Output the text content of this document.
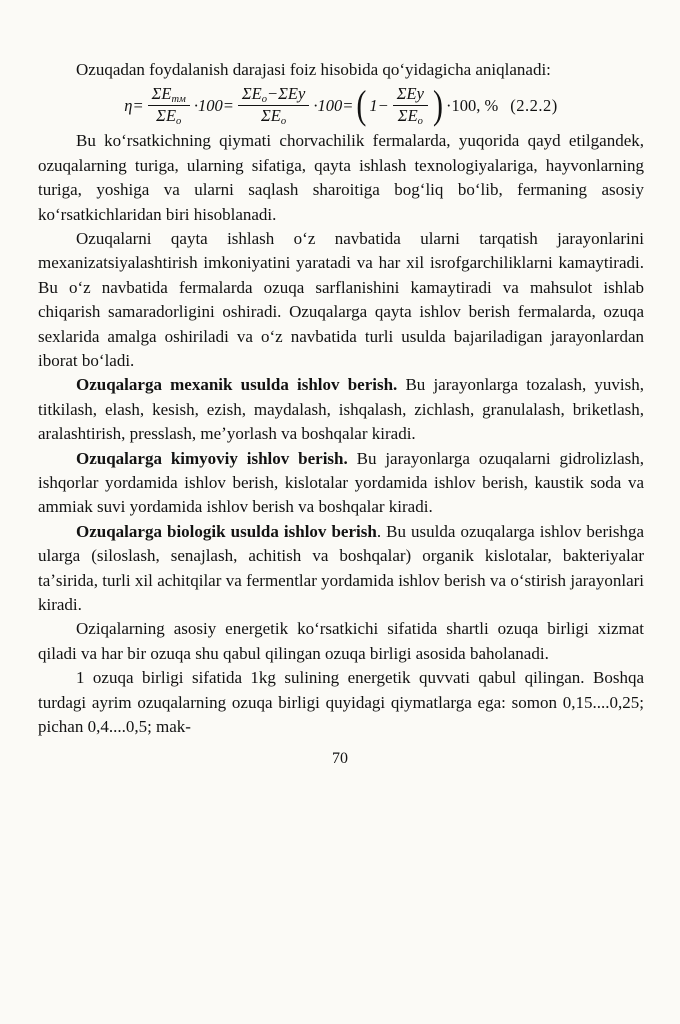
Ozuqadan foydalanish darajasi foiz hisobida qoʻyidagicha aniqlanadi:

$\eta= \frac{\Sigma E_{тм}}{\Sigma E_o} \cdot 100= \frac{\Sigma E_o-\Sigma Ey}{\Sigma E_o} \cdot 100=$ ( $1- \frac{\text{ΣEy}}{\Sigma E_o}$ ) ·100, % (2.2.2)

Bu koʻrsatkichning qiymati chorvachilik fermalarda, yuqorida qayd etilgandek, ozuqalarning turiga, ularning sifatiga, qayta ishlash texnologiyalariga, hayvonlarning turiga, yoshiga va ularni saqlash sharoitiga bogʻliq boʻlib, fermaning asosiy koʻrsatkichlaridan biri hisoblanadi.

Ozuqalarni qayta ishlash oʻz navbatida ularni tarqatish jarayonlarini mexanizatsiyalashtirish imkoniyatini yaratadi va har xil isrofgarchiliklarni kamaytiradi. Bu oʻz navbatida fermalarda ozuqa sarflanishini kamaytiradi va mahsulot ishlab chiqarish samaradorligini oshiradi. Ozuqalarga qayta ishlov berish fermalarda, ozuqa sexlarida amalga oshiriladi va oʻz navbatida turli usulda bajariladigan jarayonlardan iborat boʻladi.

Ozuqalarga mexanik usulda ishlov berish. Bu jarayonlarga tozalash, yuvish, titkilash, elash, kesish, ezish, maydalash, ishqalash, zichlash, granulalash, briketlash, aralashtirish, presslash, meʼyorlash va boshqalar kiradi.

Ozuqalarga kimyoviy ishlov berish. Bu jarayonlarga ozuqalarni gidrolizlash, ishqorlar yordamida ishlov berish, kislotalar yordamida ishlov berish, kaustik soda va ammiak suvi yordamida ishlov berish va boshqalar kiradi.

Ozuqalarga biologik usulda ishlov berish. Bu usulda ozuqalarga ishlov berishga ularga (siloslash, senajlash, achitish va boshqalar) organik kislotalar, bakteriyalar taʼsirida, turli xil achitqilar va fermentlar yordamida ishlov berish va oʻstirish jarayonlari kiradi.

Oziqalarning asosiy energetik koʻrsatkichi sifatida shartli ozuqa birligi xizmat qiladi va har bir ozuqa shu qabul qilingan ozuqa birligi asosida baholanadi.

1 ozuqa birligi sifatida 1kg sulining energetik quvvati qabul qilingan. Boshqa turdagi ayrim ozuqalarning ozuqa birligi quyidagi qiymatlarga ega: somon 0,15....0,25; pichan 0,4....0,5; mak-

70
